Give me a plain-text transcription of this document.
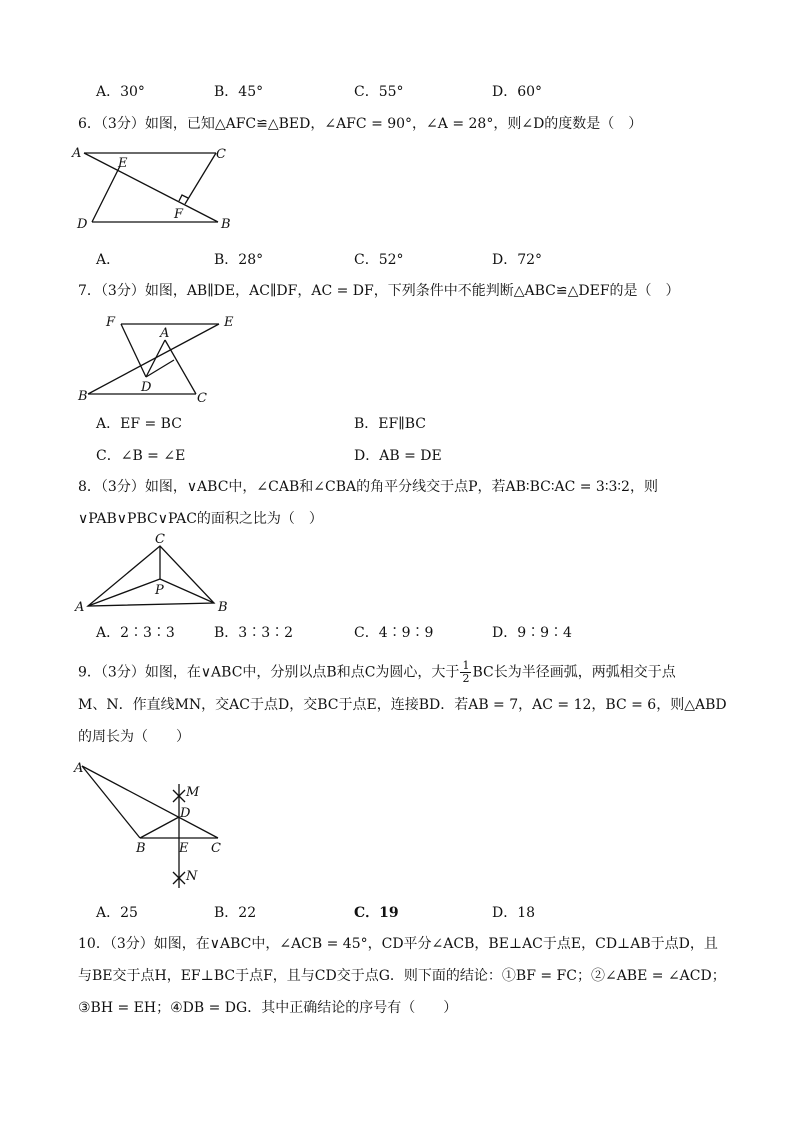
A．30°	B．45°	C．55°	D．60°
6．（3分）如图，已知△AFC≌△BED，∠AFC = 90°，∠A = 28°，则∠D的度数是（　）
A
E
C
D
F
B
A．	B．28°	C．52°	D．72°
7．（3分）如图，AB∥DE，AC∥DF，AC = DF，下列条件中不能判断△ABC≌△DEF的是（　）
F
A
E
D
B	C
A．EF = BC	B．EF∥BC
C．∠B = ∠E	D．AB = DE
8．（3分）如图，∨ABC中，∠CAB和∠CBA的角平分线交于点P，若AB∶BC∶AC = 3∶3∶2，则
∨PAB∨PBC∨PAC的面积之比为（　）
C
P
A	B
A．2∶3∶3	B．3∶3∶2	C．4∶9∶9	D．9∶9∶4
9．（3分）如图，在∨ABC中，分别以点B和点C为圆心，大于 $\frac{1}{2}$ BC长为半径画弧，两弧相交于点
M、N．作直线MN，交AC于点D，交BC于点E，连接BD．若AB = 7，AC = 12，BC = 6，则△ABD
的周长为（　　）
A
M
D
B	E C
N
A．25	B．22	C．19	D．18
10．（3分）如图，在∨ABC中，∠ACB = 45°，CD平分∠ACB，BE⊥AC于点E，CD⊥AB于点D，且
与BE交于点H，EF⊥BC于点F，且与CD交于点G．则下面的结论：①BF = FC；②∠ABE = ∠ACD；
③BH = EH；④DB = DG．其中正确结论的序号有（　　）
